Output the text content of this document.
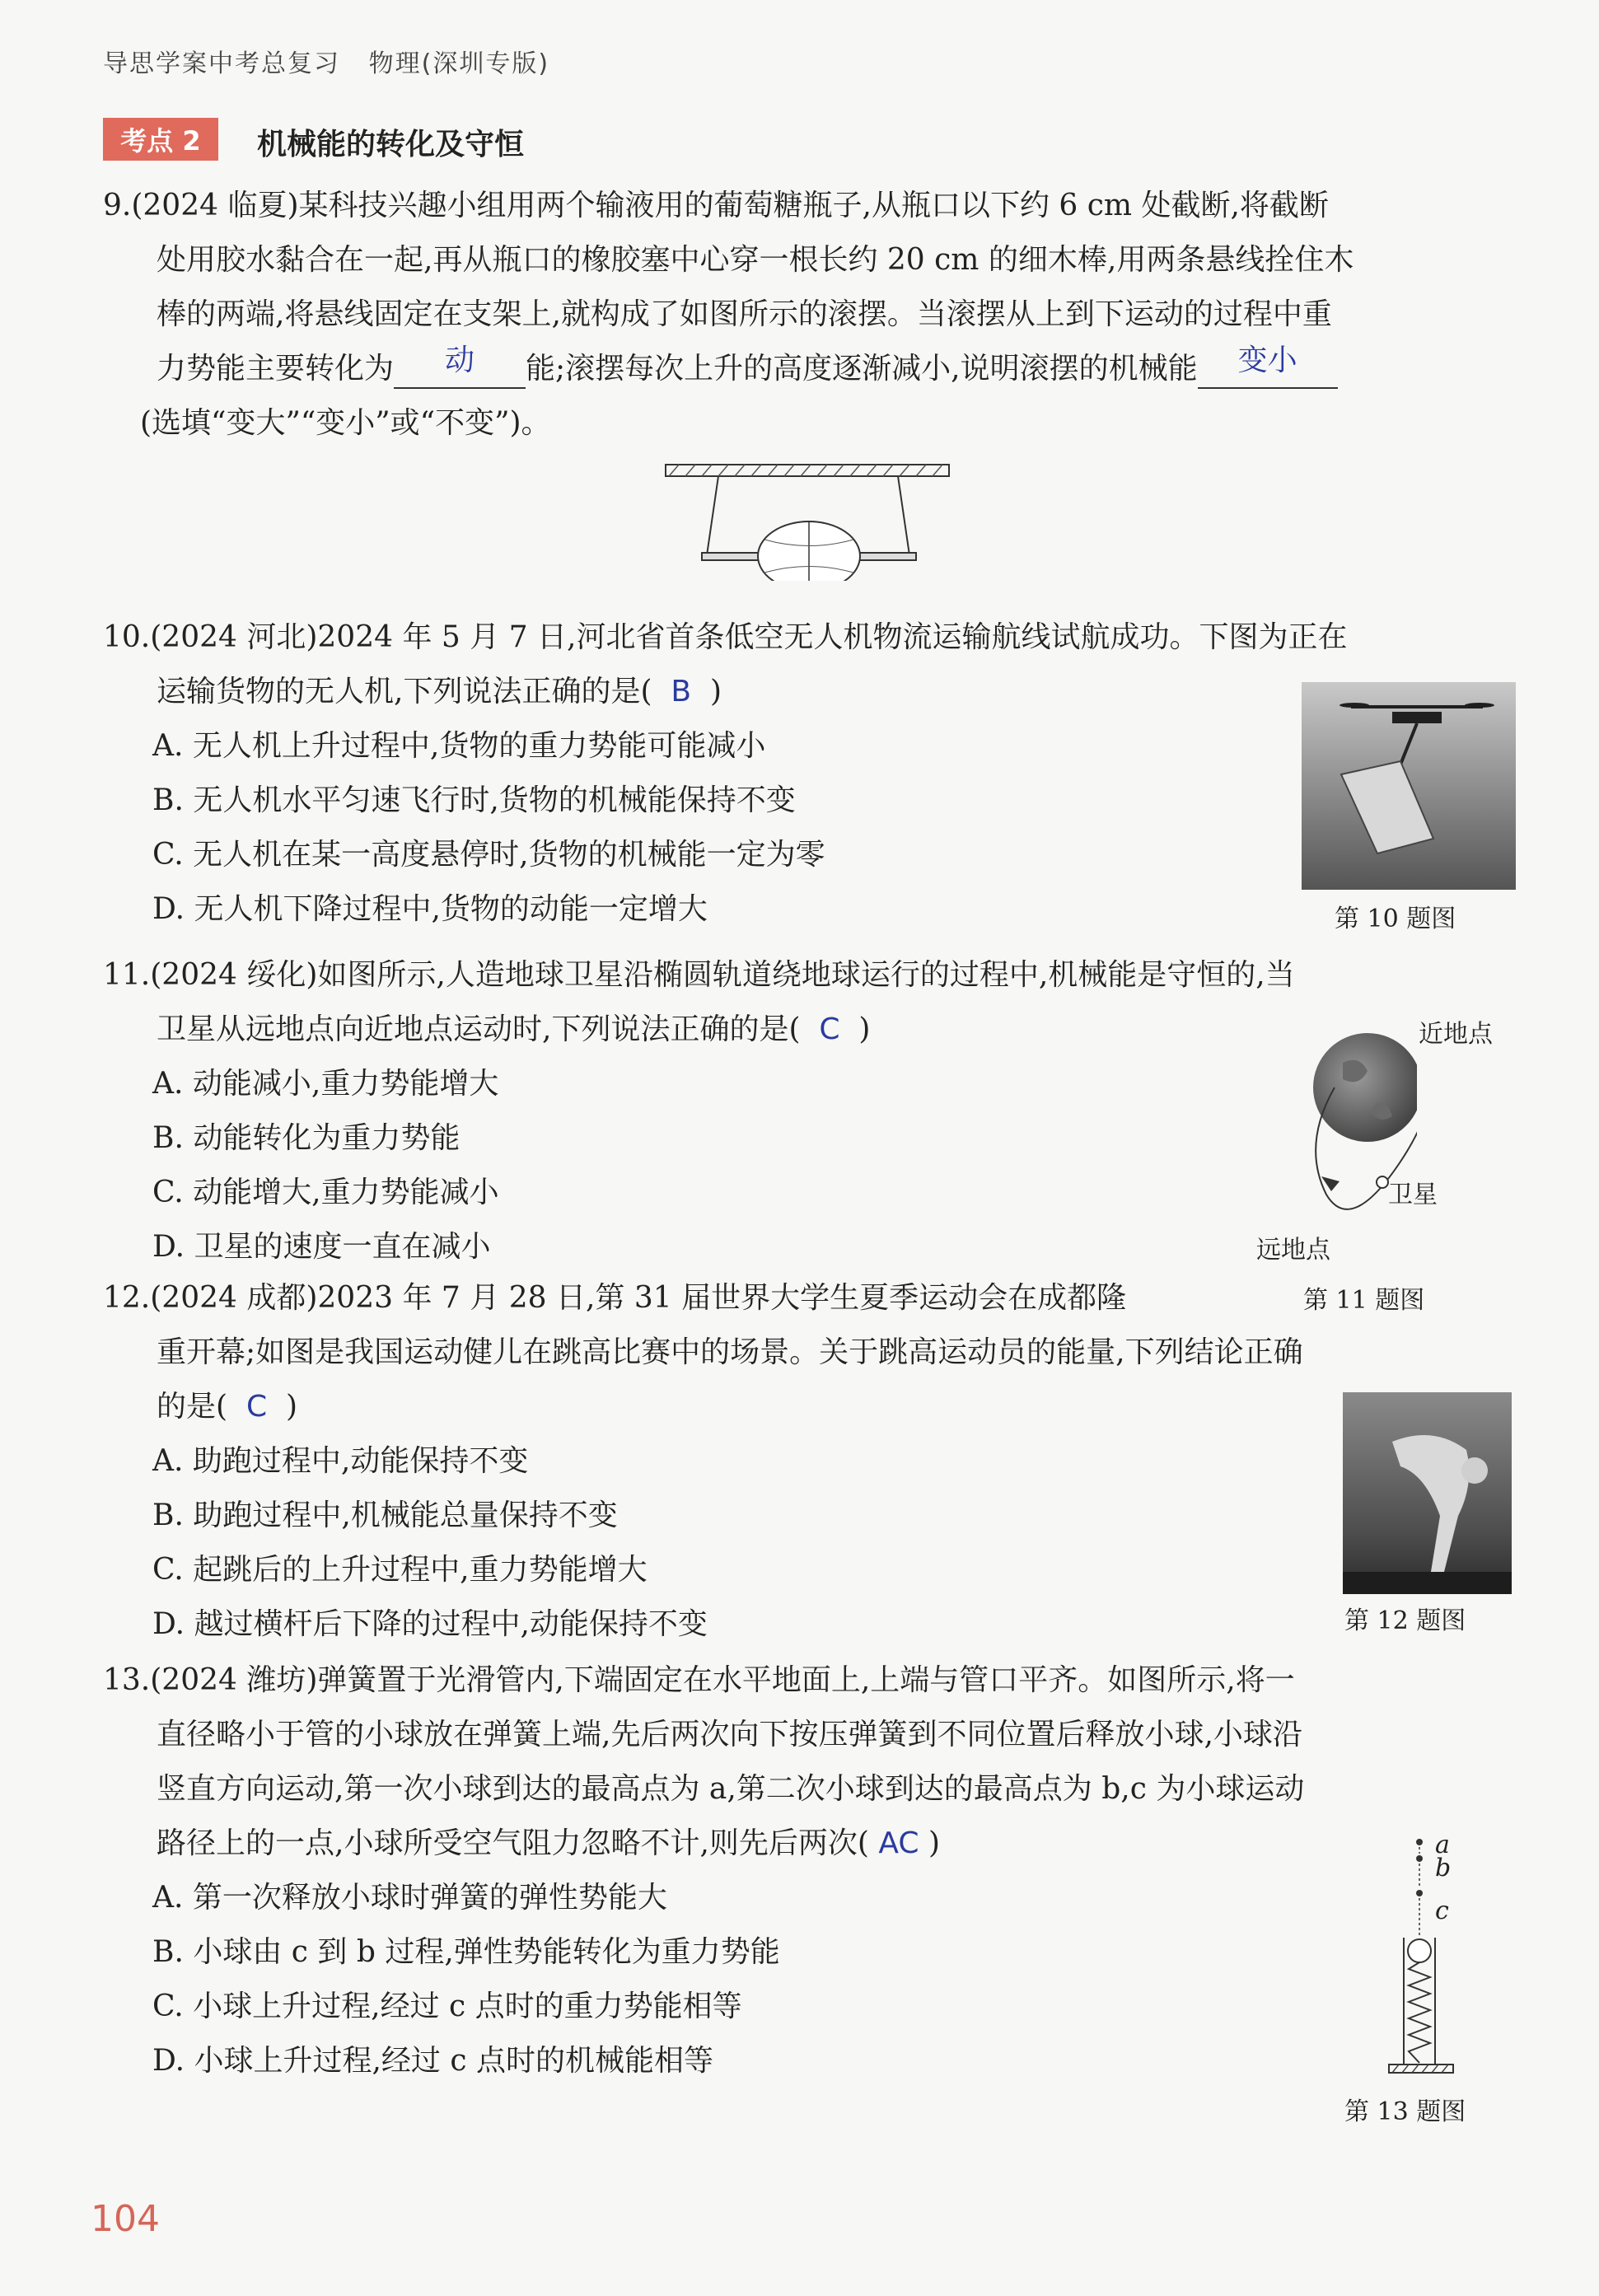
导思学案中考总复习 物理(深圳专版)
考点 2	机械能的转化及守恒
9.(2024 临夏)某科技兴趣小组用两个输液用的葡萄糖瓶子,从瓶口以下约 6 cm 处截断,将截断
处用胶水黏合在一起,再从瓶口的橡胶塞中心穿一根长约 20 cm 的细木棒,用两条悬线拴住木
棒的两端,将悬线固定在支架上,就构成了如图所示的滚摆。当滚摆从上到下运动的过程中重
力势能主要转化为	动	能;滚摆每次上升的高度逐渐减小,说明滚摆的机械能	变小

(选填“变大”“变小”或“不变”)。
10.(2024 河北)2024 年 5 月 7 日,河北省首条低空无人机物流运输航线试航成功。下图为正在
运输货物的无人机,下列说法正确的是( B )
A. 无人机上升过程中,货物的重力势能可能减小
B. 无人机水平匀速飞行时,货物的机械能保持不变
C. 无人机在某一高度悬停时,货物的机械能一定为零
D. 无人机下降过程中,货物的动能一定增大	第 10 题图
11.(2024 绥化)如图所示,人造地球卫星沿椭圆轨道绕地球运行的过程中,机械能是守恒的,当
卫星从远地点向近地点运动时,下列说法正确的是( C )
A. 动能减小,重力势能增大
B. 动能转化为重力势能
C. 动能增大,重力势能减小
D. 卫星的速度一直在减小
近地点
卫星
远地点
第 11 题图
12.(2024 成都)2023 年 7 月 28 日,第 31 届世界大学生夏季运动会在成都隆
重开幕;如图是我国运动健儿在跳高比赛中的场景。关于跳高运动员的能量,下列结论正确
的是( C )
A. 助跑过程中,动能保持不变
B. 助跑过程中,机械能总量保持不变
C. 起跳后的上升过程中,重力势能增大
D. 越过横杆后下降的过程中,动能保持不变	第 12 题图
13.(2024 潍坊)弹簧置于光滑管内,下端固定在水平地面上,上端与管口平齐。如图所示,将一
直径略小于管的小球放在弹簧上端,先后两次向下按压弹簧到不同位置后释放小球,小球沿
竖直方向运动,第一次小球到达的最高点为 a,第二次小球到达的最高点为 b,c 为小球运动
路径上的一点,小球所受空气阻力忽略不计,则先后两次( AC )
A. 第一次释放小球时弹簧的弹性势能大
B. 小球由 c 到 b 过程,弹性势能转化为重力势能
C. 小球上升过程,经过 c 点时的重力势能相等
D. 小球上升过程,经过 c 点时的机械能相等
a
b
c
第 13 题图
104
